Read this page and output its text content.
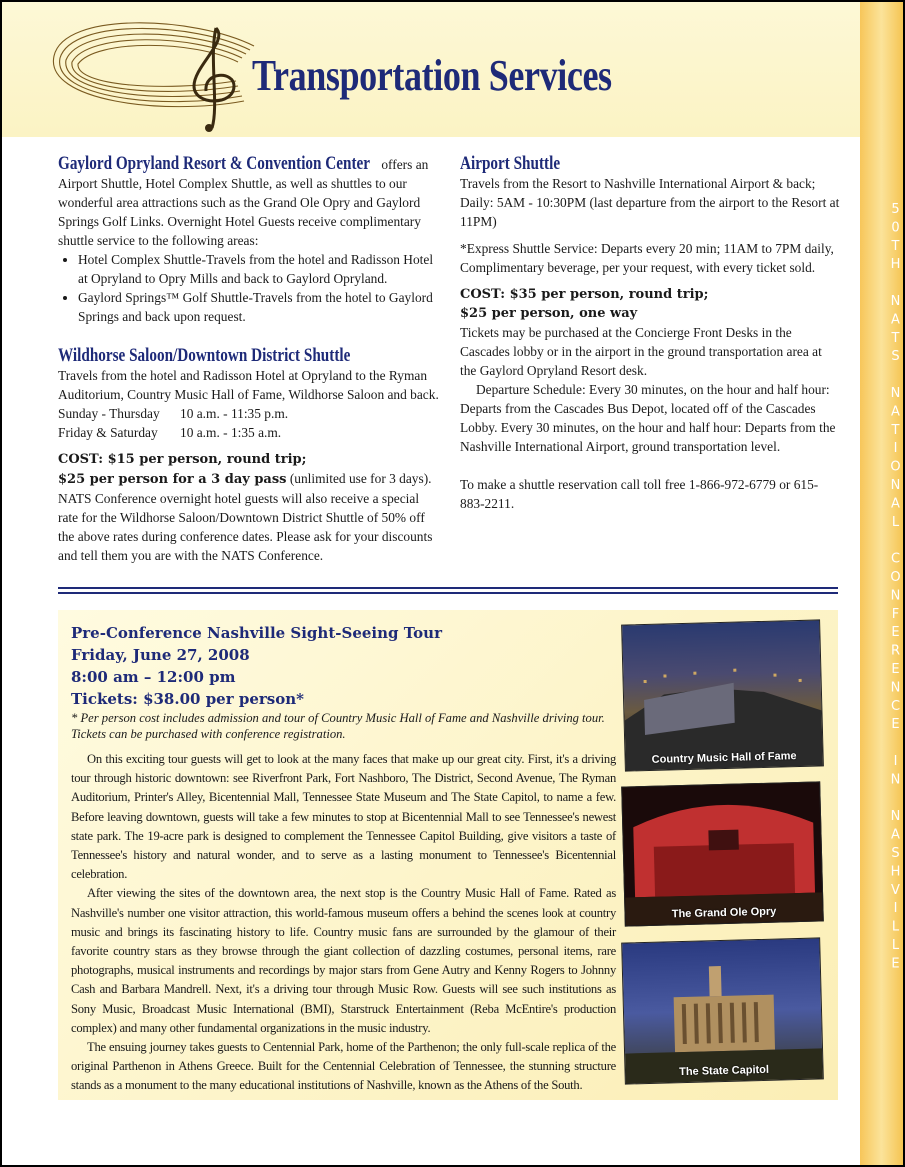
Transportation Services
50TH NATS NATIONAL CONFERENCE IN NASHVILLE

Gaylord Opryland Resort & Convention Center offers an Airport Shuttle, Hotel Complex Shuttle, as well as shuttles to our wonderful area attractions such as the Grand Ole Opry and Gaylord Springs Golf Links. Overnight Hotel Guests receive complimentary shuttle service to the following areas:

• Hotel Complex Shuttle-Travels from the hotel and Radisson Hotel at Opryland to Opry Mills and back to Gaylord Opryland.
• Gaylord Springs™ Golf Shuttle-Travels from the hotel to Gaylord Springs and back upon request.
Wildhorse Saloon/Downtown District Shuttle

Travels from the hotel and Radisson Hotel at Opryland to the Ryman Auditorium, Country Music Hall of Fame, Wildhorse Saloon and back.

Sunday - Thursday 10 a.m. - 11:35 p.m.

Friday & Saturday 10 a.m. - 1:35 a.m.

COST: $15 per person, round trip;

$25 per person for a 3 day pass (unlimited use for 3 days).

NATS Conference overnight hotel guests will also receive a special rate for the Wildhorse Saloon/Downtown District Shuttle of 50% off the above rates during conference dates. Please ask for your discounts and tell them you are with the NATS Conference.

Airport Shuttle

Travels from the Resort to Nashville International Airport & back; Daily: 5AM - 10:30PM (last departure from the airport to the Resort at 11PM)

*Express Shuttle Service: Departs every 20 min; 11AM to 7PM daily, Complimentary beverage, per your request, with every ticket sold.

COST: $35 per person, round trip;

$25 per person, one way

Tickets may be purchased at the Concierge Front Desks in the Cascades lobby or in the airport in the ground transportation area at the Gaylord Opryland Resort desk.

Departure Schedule: Every 30 minutes, on the hour and half hour: Departs from the Cascades Bus Depot, located off of the Cascades Lobby. Every 30 minutes, on the hour and half hour: Departs from the Nashville International Airport, ground transportation level.

To make a shuttle reservation call toll free 1-866-972-6779 or 615-883-2211.

Pre-Conference Nashville Sight-Seeing Tour
Friday, June 27, 2008
8:00 am – 12:00 pm
Tickets: $38.00 per person*
* Per person cost includes admission and tour of Country Music Hall of Fame and Nashville driving tour. Tickets can be purchased with conference registration.

On this exciting tour guests will get to look at the many faces that make up our great city. First, it's a driving tour through historic downtown: see Riverfront Park, Fort Nashboro, The District, Second Avenue, The Ryman Auditorium, Printer's Alley, Bicentennial Mall, Tennessee State Museum and The State Capitol, to name a few. Before leaving downtown, guests will take a few minutes to stop at Bicentennial Mall to see Tennessee's newest state park. The 19-acre park is designed to complement the Tennessee Capitol Building, give visitors a taste of Tennessee's history and natural wonder, and to serve as a lasting monument to Tennessee's Bicentennial celebration.

After viewing the sites of the downtown area, the next stop is the Country Music Hall of Fame. Rated as Nashville's number one visitor attraction, this world-famous museum offers a behind the scenes look at country music and brings its fascinating history to life. Country music fans are surrounded by the glamour of their favorite country stars as they browse through the giant collection of dazzling costumes, personal items, rare photographs, musical instruments and recordings by major stars from Gene Autry and Kenny Rogers to Johnny Cash and Barbara Mandrell. Next, it's a driving tour through Music Row. Guests will see such institutions as Sony Music, Broadcast Music International (BMI), Starstruck Entertainment (Reba McEntire's production complex) and many other fundamental organizations in the music industry.

The ensuing journey takes guests to Centennial Park, home of the Parthenon; the only full-scale replica of the original Parthenon in Athens Greece. Built for the Centennial Celebration of Tennessee, the stunning structure stands as a monument to the many educational institutions of Nashville, known as the Athens of the South.

Country Music Hall of Fame
The Grand Ole Opry
The State Capitol
